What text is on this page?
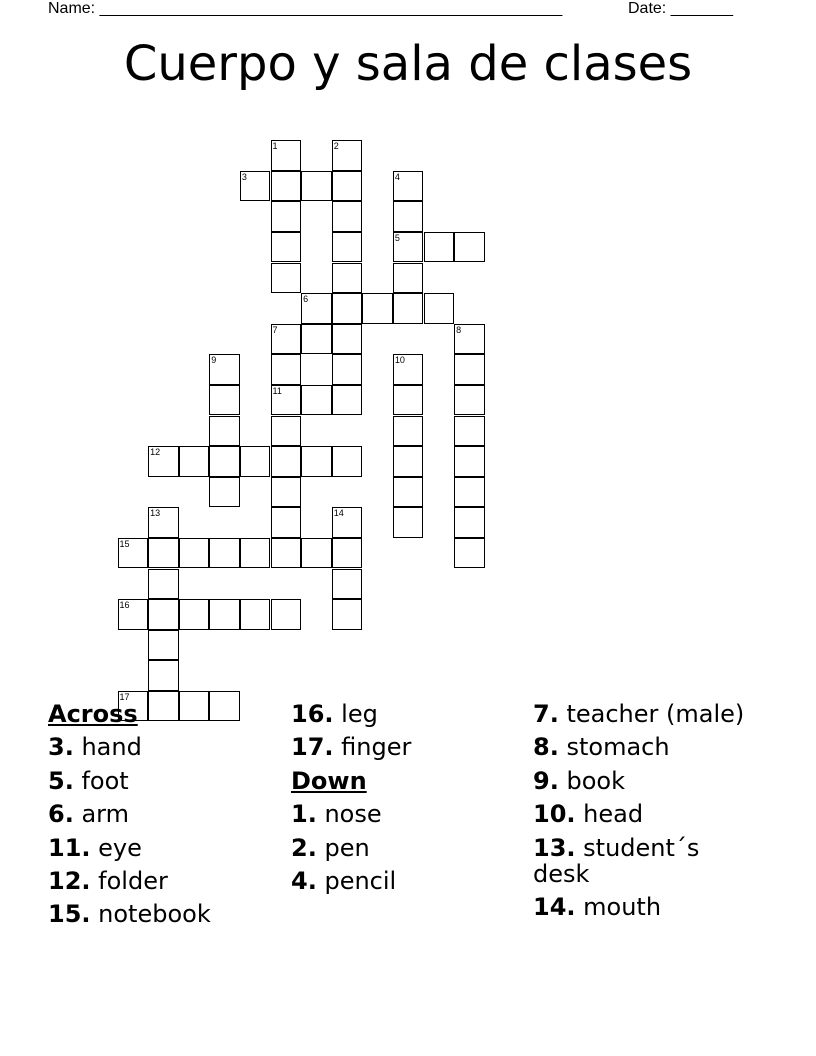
Name: ____________________________________________________	Date: _______
Cuerpo y sala de clases
1	2
3	4
5
6
7	8
9	10
11
12
13	14
15
16
17
Across
3. hand
5. foot
6. arm
11. eye
12. folder
15. notebook
16. leg
17. finger
Down
1. nose
2. pen
4. pencil
7. teacher (male)
8. stomach
9. book
10. head
13. student´s desk
14. mouth
